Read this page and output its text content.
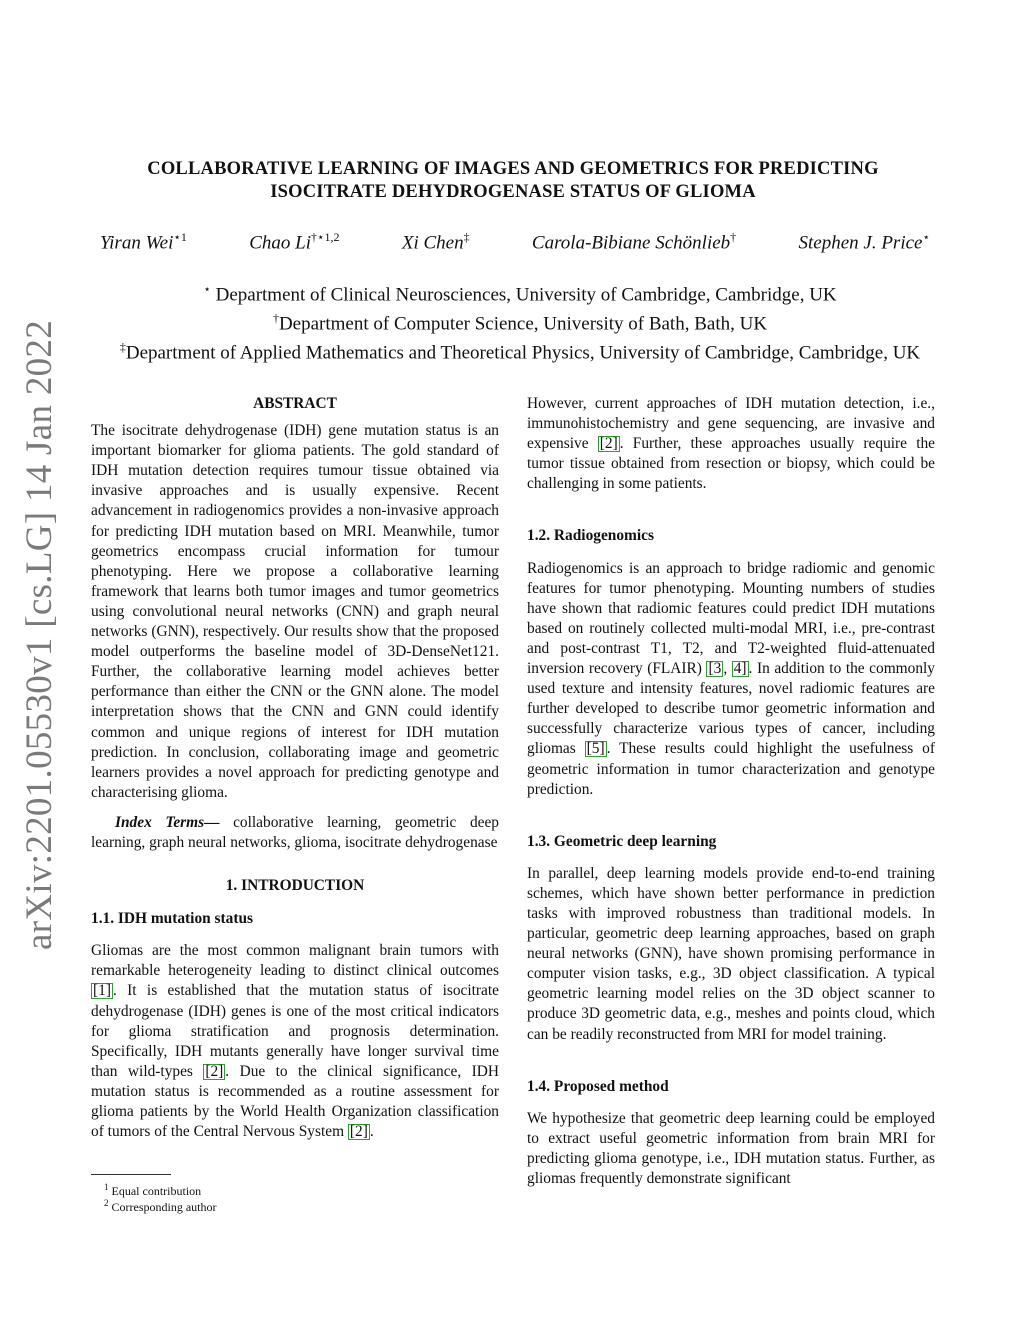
arXiv:2201.05530v1 [cs.LG] 14 Jan 2022
COLLABORATIVE LEARNING OF IMAGES AND GEOMETRICS FOR PREDICTING
ISOCITRATE DEHYDROGENASE STATUS OF GLIOMA
Yiran Wei$^{⋆1}$	Chao $Li^{\dagger⋆1,2}$	Xi Chen‡	Carola-Bibiane Schönlieb†	Stephen J. Price⋆
⋆ Department of Clinical Neurosciences, University of Cambridge, Cambridge, UK
†Department of Computer Science, University of Bath, Bath, UK
‡Department of Applied Mathematics and Theoretical Physics, University of Cambridge, Cambridge, UK
ABSTRACT

The isocitrate dehydrogenase (IDH) gene mutation status is an important biomarker for glioma patients. The gold standard of IDH mutation detection requires tumour tissue obtained via invasive approaches and is usually expensive. Recent advancement in radiogenomics provides a non-invasive approach for predicting IDH mutation based on MRI. Meanwhile, tumor geometrics encompass crucial information for tumour phenotyping. Here we propose a collaborative learning framework that learns both tumor images and tumor geometrics using convolutional neural networks (CNN) and graph neural networks (GNN), respectively. Our results show that the proposed model outperforms the baseline model of 3D-DenseNet121. Further, the collaborative learning model achieves better performance than either the CNN or the GNN alone. The model interpretation shows that the CNN and GNN could identify common and unique regions of interest for IDH mutation prediction. In conclusion, collaborating image and geometric learners provides a novel approach for predicting genotype and characterising glioma.

Index Terms— collaborative learning, geometric deep learning, graph neural networks, glioma, isocitrate dehydrogenase

1. INTRODUCTION
1.1. IDH mutation status

Gliomas are the most common malignant brain tumors with remarkable heterogeneity leading to distinct clinical outcomes [1] . It is established that the mutation status of isocitrate dehydrogenase (IDH) genes is one of the most critical indicators for glioma stratification and prognosis determination. Specifically, IDH mutants generally have longer survival time than wild-types [2] . Due to the clinical significance, IDH mutation status is recommended as a routine assessment for glioma patients by the World Health Organization classification of tumors of the Central Nervous System [2] .

$^1$ Equal contribution
$^2$ Corresponding author

However, current approaches of IDH mutation detection, i.e., immunohistochemistry and gene sequencing, are invasive and expensive [2] . Further, these approaches usually require the tumor tissue obtained from resection or biopsy, which could be challenging in some patients.

1.2. Radiogenomics

Radiogenomics is an approach to bridge radiomic and genomic features for tumor phenotyping. Mounting numbers of studies have shown that radiomic features could predict IDH mutations based on routinely collected multi-modal MRI, i.e., pre-contrast and post-contrast T1, T2, and T2-weighted fluid-attenuated inversion recovery (FLAIR) [3 , 4] . In addition to the commonly used texture and intensity features, novel radiomic features are further developed to describe tumor geometric information and successfully characterize various types of cancer, including gliomas [5] . These results could highlight the usefulness of geometric information in tumor characterization and genotype prediction.

1.3. Geometric deep learning

In parallel, deep learning models provide end-to-end training schemes, which have shown better performance in prediction tasks with improved robustness than traditional models. In particular, geometric deep learning approaches, based on graph neural networks (GNN), have shown promising performance in computer vision tasks, e.g., 3D object classification. A typical geometric learning model relies on the 3D object scanner to produce 3D geometric data, e.g., meshes and points cloud, which can be readily reconstructed from MRI for model training.

1.4. Proposed method

We hypothesize that geometric deep learning could be employed to extract useful geometric information from brain MRI for predicting glioma genotype, i.e., IDH mutation status. Further, as gliomas frequently demonstrate significant
